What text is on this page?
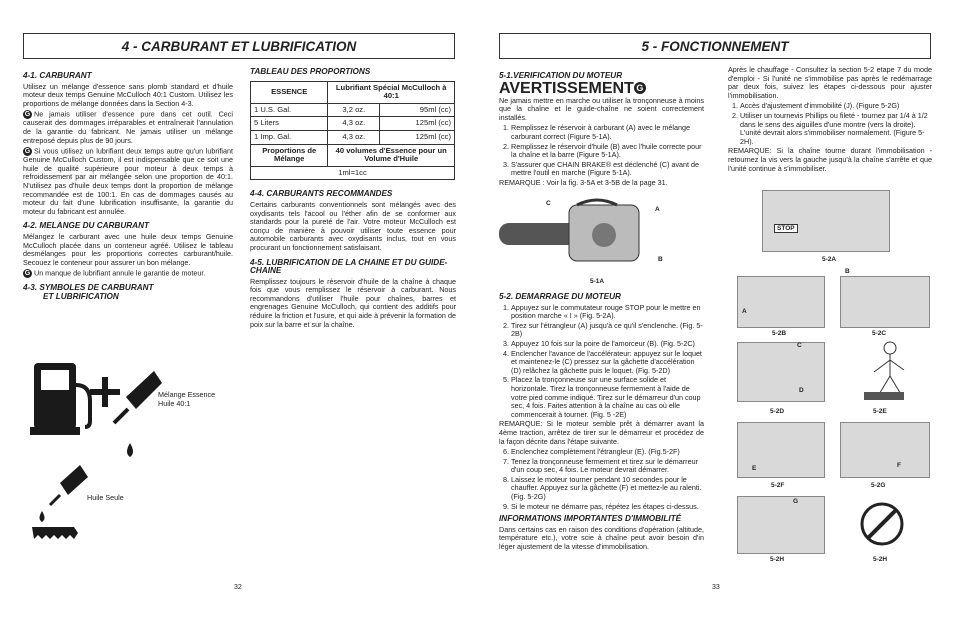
4 - CARBURANT ET LUBRIFICATION
4-1. CARBURANT

Utilisez un mélange d'essence sans plomb standard et d'huile moteur deux temps Genuine McCulloch 40:1 Custom. Utilisez les proportions de mélange données dans la Section 4-3.

G Ne jamais utiliser d'essence pure dans cet outil. Ceci causerait des dommages irréparables et entraînerait l'annulation de la garantie du fabricant. Ne jamais utiliser un mélange entreposé depuis plus de 90 jours.

G Si vous utilisez un lubrifiant deux temps autre qu'un lubrifiant Genuine McCulloch Custom, il est indispensable que ce soit une huile de qualité supérieure pour moteur à deux temps à refroidissement par air mélangée selon une proportion de 40:1. N'utilisez pas d'huile deux temps dont la proportion de mélange recommandée est de 100:1. En cas de dommages causés au moteur du fait d'une lubrification insuffisante, la garantie du moteur du fabricant est annulée.

4-2. MELANGE DU CARBURANT

Mélangez le carburant avec une huile deux temps Genuine McCulloch placée dans un conteneur agréé. Utilisez le tableau desmélanges pour les proportions correctes carburant/huile. Secouez le conteneur pour assurer un bon mélange.

G Un manque de lubrifiant annule le garantie de moteur.

4-3. SYMBOLES DE CARBURANT
ET LUBRIFICATION
Mélange Essence
Huile 40:1
Huile Seule
32
TABLEAU DES PROPORTIONS
ESSENCE	Lubrifiant Spécial McCulloch à 40:1	
1 U.S. Gal.	3,2 oz.	95ml (cc)
5 Liters	4,3 oz.	125ml (cc)
1 Imp. Gal.	4,3 oz.	125ml (cc)
Proportions de Mélange	40 volumes d'Essence pour un Volume d'Huile	
1ml=1cc		
4-4. CARBURANTS RECOMMANDES

Certains carburants conventionnels sont mélangés avec des oxydisants tels l'acool ou l'éther afin de se conformer aux standards pour la pureté de l'air. Votre moteur McCulloch est conçu de manière à pouvoir utiliser toute essence pour automobile carburants avec oxydisants inclus, tout en vous procurant un fonctionnement satisfaisant.

4-5. LUBRIFICATION DE LA CHAINE ET DU GUIDE-CHAINE

Remplissez toujours le réservoir d'huile de la chaîne à chaque fois que vous remplissez le réservoir à carburant. Nous recommandons d'utiliser l'huile pour chaînes, barres et engrenages Genuine McCulloch, qui contient des additifs pour réduire la friction et l'usure, et qui aide à prévenir la formation de poix sur la barre et sur la chaîne.

5 - FONCTIONNEMENT
5-1.VERIFICATION DU MOTEUR
AVERTISSEMENT G

Ne jamais mettre en marche ou utiliser la tronçonneuse à moins que la chaîne et le guide-chaîne ne soient correctement installés.

1. Remplissez le réservoir à carburant (A) avec le mélange carburant correct (Figure 5-1A).
2. Remplissez le réservoir d'huile (B) avec l'huile correcte pour la chaîne et la barre (Figure 5-1A).
3. S'assurer que CHAIN BRAKE® est déclenché (C) avant de mettre l'outil en marche (Figure 5-1A).

REMARQUE : Voir la fig. 3-5A et 3-5B de la page 31.

C
A
B
5-1A
5-2. DEMARRAGE DU MOTEUR
1. Appuyez sur le commutateur rouge STOP pour le mettre en position marche « I » (Fig. 5-2A).
2. Tirez sur l'étrangleur (A) jusqu'à ce qu'il s'enclenche. (Fig. 5-2B)
3. Appuyez 10 fois sur la poire de l'amorceur (B). (Fig. 5-2C)
4. Enclencher l'avance de l'accélérateur: appuyez sur le loquet et maintenez-le (C) pressez sur la gâchette d'accélération (D) relâchez la gâchette puis le loquet. (Fig. 5-2D)
5. Placez la tronçonneuse sur une surface solide et horizontale. Tirez la tronçonneuse fermement à l'aide de votre pied comme indiqué. Tirez sur le démarreur d'un coup sec, 4 fois. Faites attention à la chaîne au cas où elle commencerait à tourner. (Fig. 5 -2E)

REMARQUE: Si le moteur semble prêt à démarrer avant la 4ème traction, arrêtez de tirer sur le démarreur et procédez de la façon décrite dans l'étape suivante.

6. Enclenchez complètement l'étrangleur (E). (Fig.5-2F)
7. Tenez la tronçonneuse fermement et tirez sur le démarreur d'un coup sec, 4 fois. Le moteur devrait démarrer.
8. Laissez le moteur tourner pendant 10 secondes pour le chauffer. Appuyez sur la gâchette (F) et mettez-le au ralenti. (Fig. 5-2G)
9. Si le moteur ne démarre pas, répétez les étapes ci-dessus.
INFORMATIONS IMPORTANTES D'IMMOBILITÉ

Dans certains cas en raison des conditions d'opération (altitude, température etc.), votre scie à chaîne peut avoir besoin d'in léger ajustement de la vitesse d'immobilisation.

Après le chauffage - Consultez la section 5-2 etape 7 du mode d'emploi - Si l'unité ne s'immobilise pas après le redémarrage par deux fois, suivez les étapes ci-dessous pour ajuster l'immobilisation.

1. Accès d'ajustement d'immobilité (J). (Figure 5-2G)
2. Utiliser un tournevis Phillips ou fileté - tournez par 1/4 à 1/2 dans le sens des aiguilles d'une montre (vers la droite). L'unité devrait alors s'immobiliser normalement. (Figure 5-2H).

REMARQUE: Si la chaîne tourne durant l'immobilisation - retournez la vis vers la gauche jusqu'à la chaîne s'arrête et que l'unité continue à s'immobiliser.

STOP
5-2A
A
B
5-2B	5-2C
C
D
5-2D	5-2E
E	F
5-2F	5-2G
G
5-2H	5-2H
33
